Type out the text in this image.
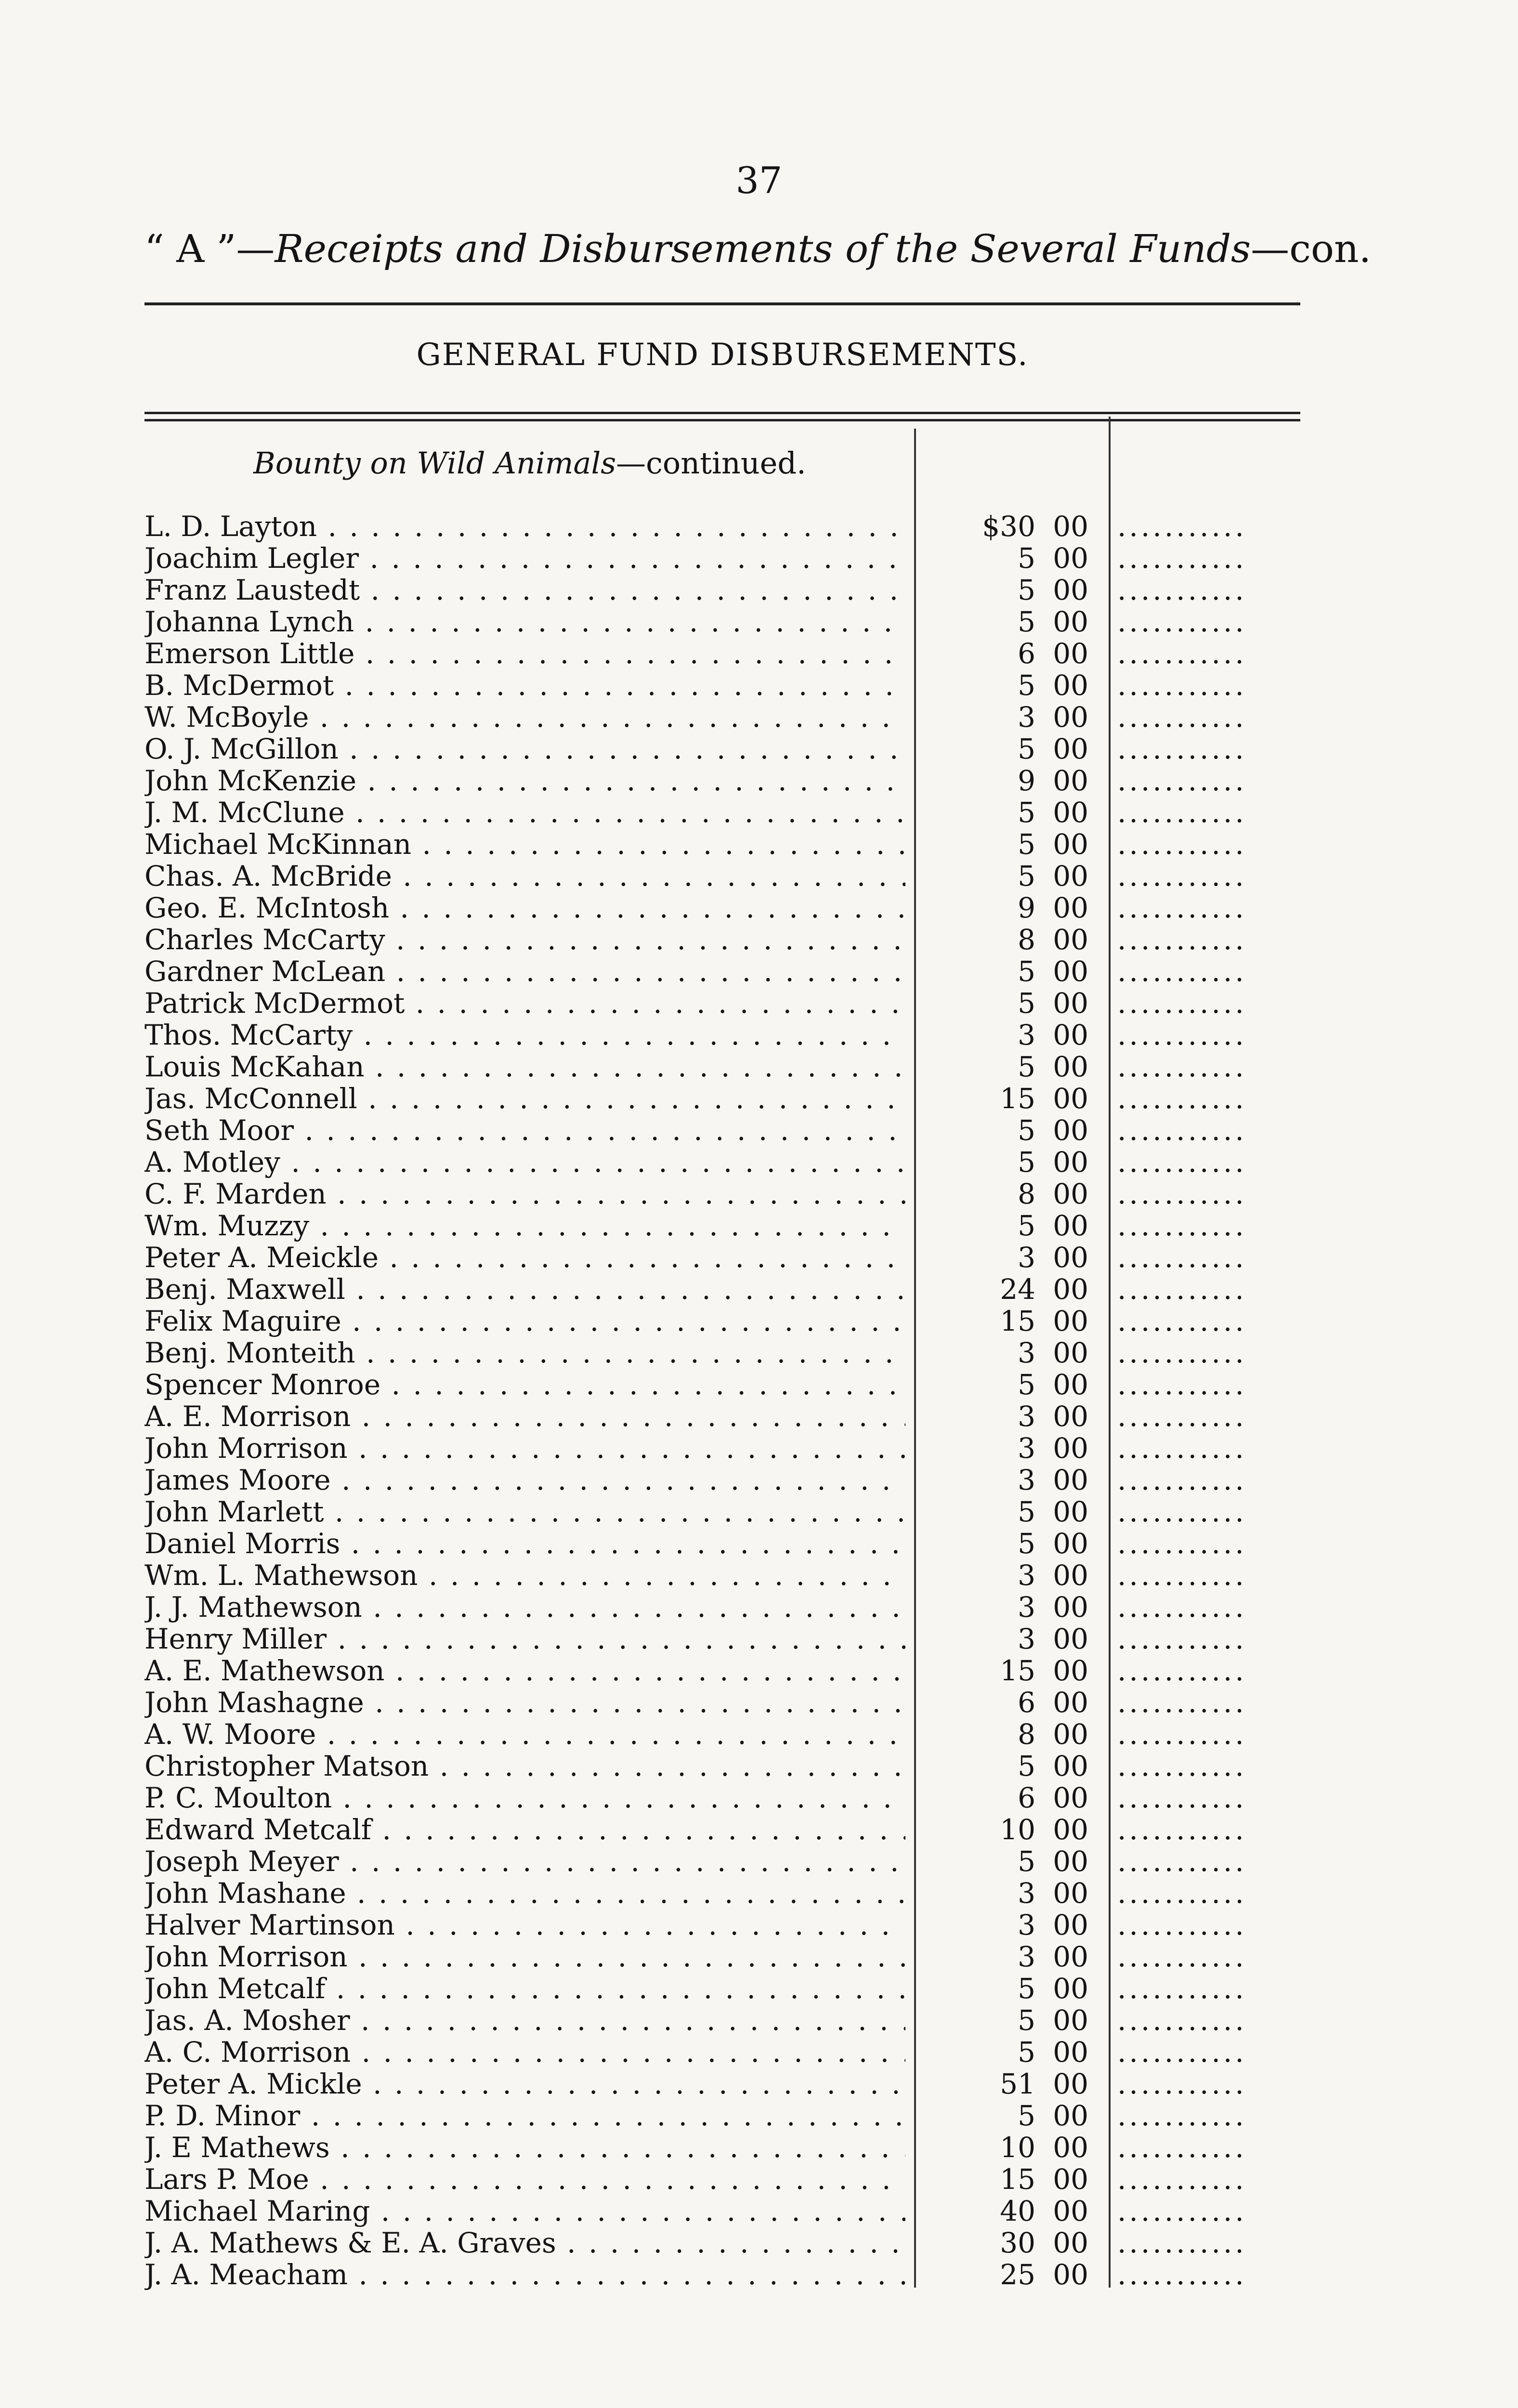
37
“ A ”—Receipts and Disbursements of the Several Funds—con.
GENERAL FUND DISBURSEMENTS.
Bounty on Wild Animals—continued.
L. D. Layton . . .	$30 00 ...........
Joachim Legler . . .	5 00 ...........
Franz Laustedt . . .	5 00 ...........
Johanna Lynch . . .	5 00 ...........
Emerson Little . . .	6 00 ...........
B. McDermot . . .	5 00 ...........
W. McBoyle . . .	3 00 ...........
O. J. McGillon . . .	5 00 ...........
John McKenzie . . .	9 00 ...........
J. M. McClune . . .	5 00 ...........
Michael McKinnan . . .	5 00 ...........
Chas. A. McBride . . .	5 00 ...........
Geo. E. McIntosh . . .	9 00 ...........
Charles McCarty . . .	8 00 ...........
Gardner McLean . . .	5 00 ...........
Patrick McDermot . . .	5 00 ...........
Thos. McCarty . . .	3 00 ...........
Louis McKahan . . .	5 00 ...........
Jas. McConnell . . .	15 00 ...........
Seth Moor . . .	5 00 ...........
A. Motley . . .	5 00 ...........
C. F. Marden . . .	8 00 ...........
Wm. Muzzy . . .	5 00 ...........
Peter A. Meickle . . .	3 00 ...........
Benj. Maxwell . . .	24 00 ...........
Felix Maguire . . .	15 00 ...........
Benj. Monteith . . .	3 00 ...........
Spencer Monroe . . .	5 00 ...........
A. E. Morrison . . .	3 00 ...........
John Morrison . . .	3 00 ...........
James Moore . . .	3 00 ...........
John Marlett . . .	5 00 ...........
Daniel Morris . . .	5 00 ...........
Wm. L. Mathewson . . .	3 00 ...........
J. J. Mathewson . . .	3 00 ...........
Henry Miller . . .	3 00 ...........
A. E. Mathewson . . .	15 00 ...........
John Mashagne . . .	6 00 ...........
A. W. Moore . . .	8 00 ...........
Christopher Matson . . .	5 00 ...........
P. C. Moulton . . .	6 00 ...........
Edward Metcalf . . .	10 00 ...........
Joseph Meyer . . .	5 00 ...........
John Mashane . . .	3 00 ...........
Halver Martinson . . .	3 00 ...........
John Morrison . . .	3 00 ...........
John Metcalf . . .	5 00 ...........
Jas. A. Mosher . . .	5 00 ...........
A. C. Morrison . . .	5 00 ...........
Peter A. Mickle . . .	51 00 ...........
P. D. Minor . . .	5 00 ...........
J. E Mathews . . .	10 00 ...........
Lars P. Moe . . .	15 00 ...........
Michael Maring . . .	40 00 ...........
J. A. Mathews & E. A. Graves . . .	30 00 ...........
J. A. Meacham . . .	25 00 ...........
